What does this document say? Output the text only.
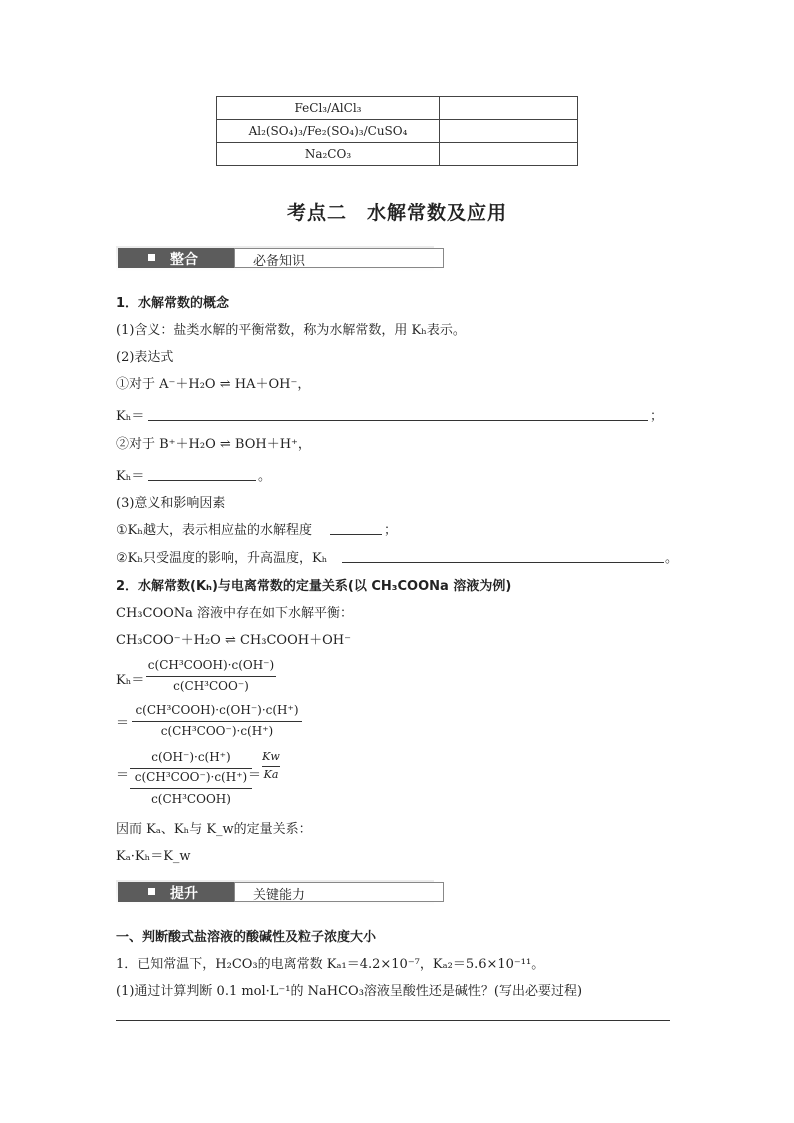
FeCl₃/AlCl₃	
Al₂(SO₄)₃/Fe₂(SO₄)₃/CuSO₄	
Na₂CO₃	
考点二　水解常数及应用
整合	必备知识
1．水解常数的概念
(1)含义：盐类水解的平衡常数，称为水解常数，用 Kₕ表示。
(2)表达式
①对于 A⁻＋H₂O ⇌ HA＋OH⁻，
Kₕ＝	；
②对于 B⁺＋H₂O ⇌ BOH＋H⁺，
Kₕ＝	。
(3)意义和影响因素
①Kₕ越大，表示相应盐的水解程度	；
②Kₕ只受温度的影响，升高温度，Kₕ	。
2．水解常数(Kₕ)与电离常数的定量关系(以 CH₃COONa 溶液为例)
CH₃COONa 溶液中存在如下水解平衡：
CH₃COO⁻＋H₂O ⇌ CH₃COOH＋OH⁻
Kₕ＝
c(CH³COOH)·c(OH⁻)
c(CH³COO⁻)
＝
c(CH³COOH)·c(OH⁻)·c(H⁺)
c(CH³COO⁻)·c(H⁺)
＝
c(OH⁻)·c(H⁺)
c(CH³COO⁻)·c(H⁺)
c(CH³COOH)
＝
Kw
Ka
因而 Kₐ、Kₕ与 K_w的定量关系：
Kₐ·Kₕ＝K_w
提升	关键能力
一、判断酸式盐溶液的酸碱性及粒子浓度大小
1．已知常温下，H₂CO₃的电离常数 Kₐ₁＝4.2×10⁻⁷，Kₐ₂＝5.6×10⁻¹¹。
(1)通过计算判断 0.1 mol·L⁻¹的 NaHCO₃溶液呈酸性还是碱性？(写出必要过程)
